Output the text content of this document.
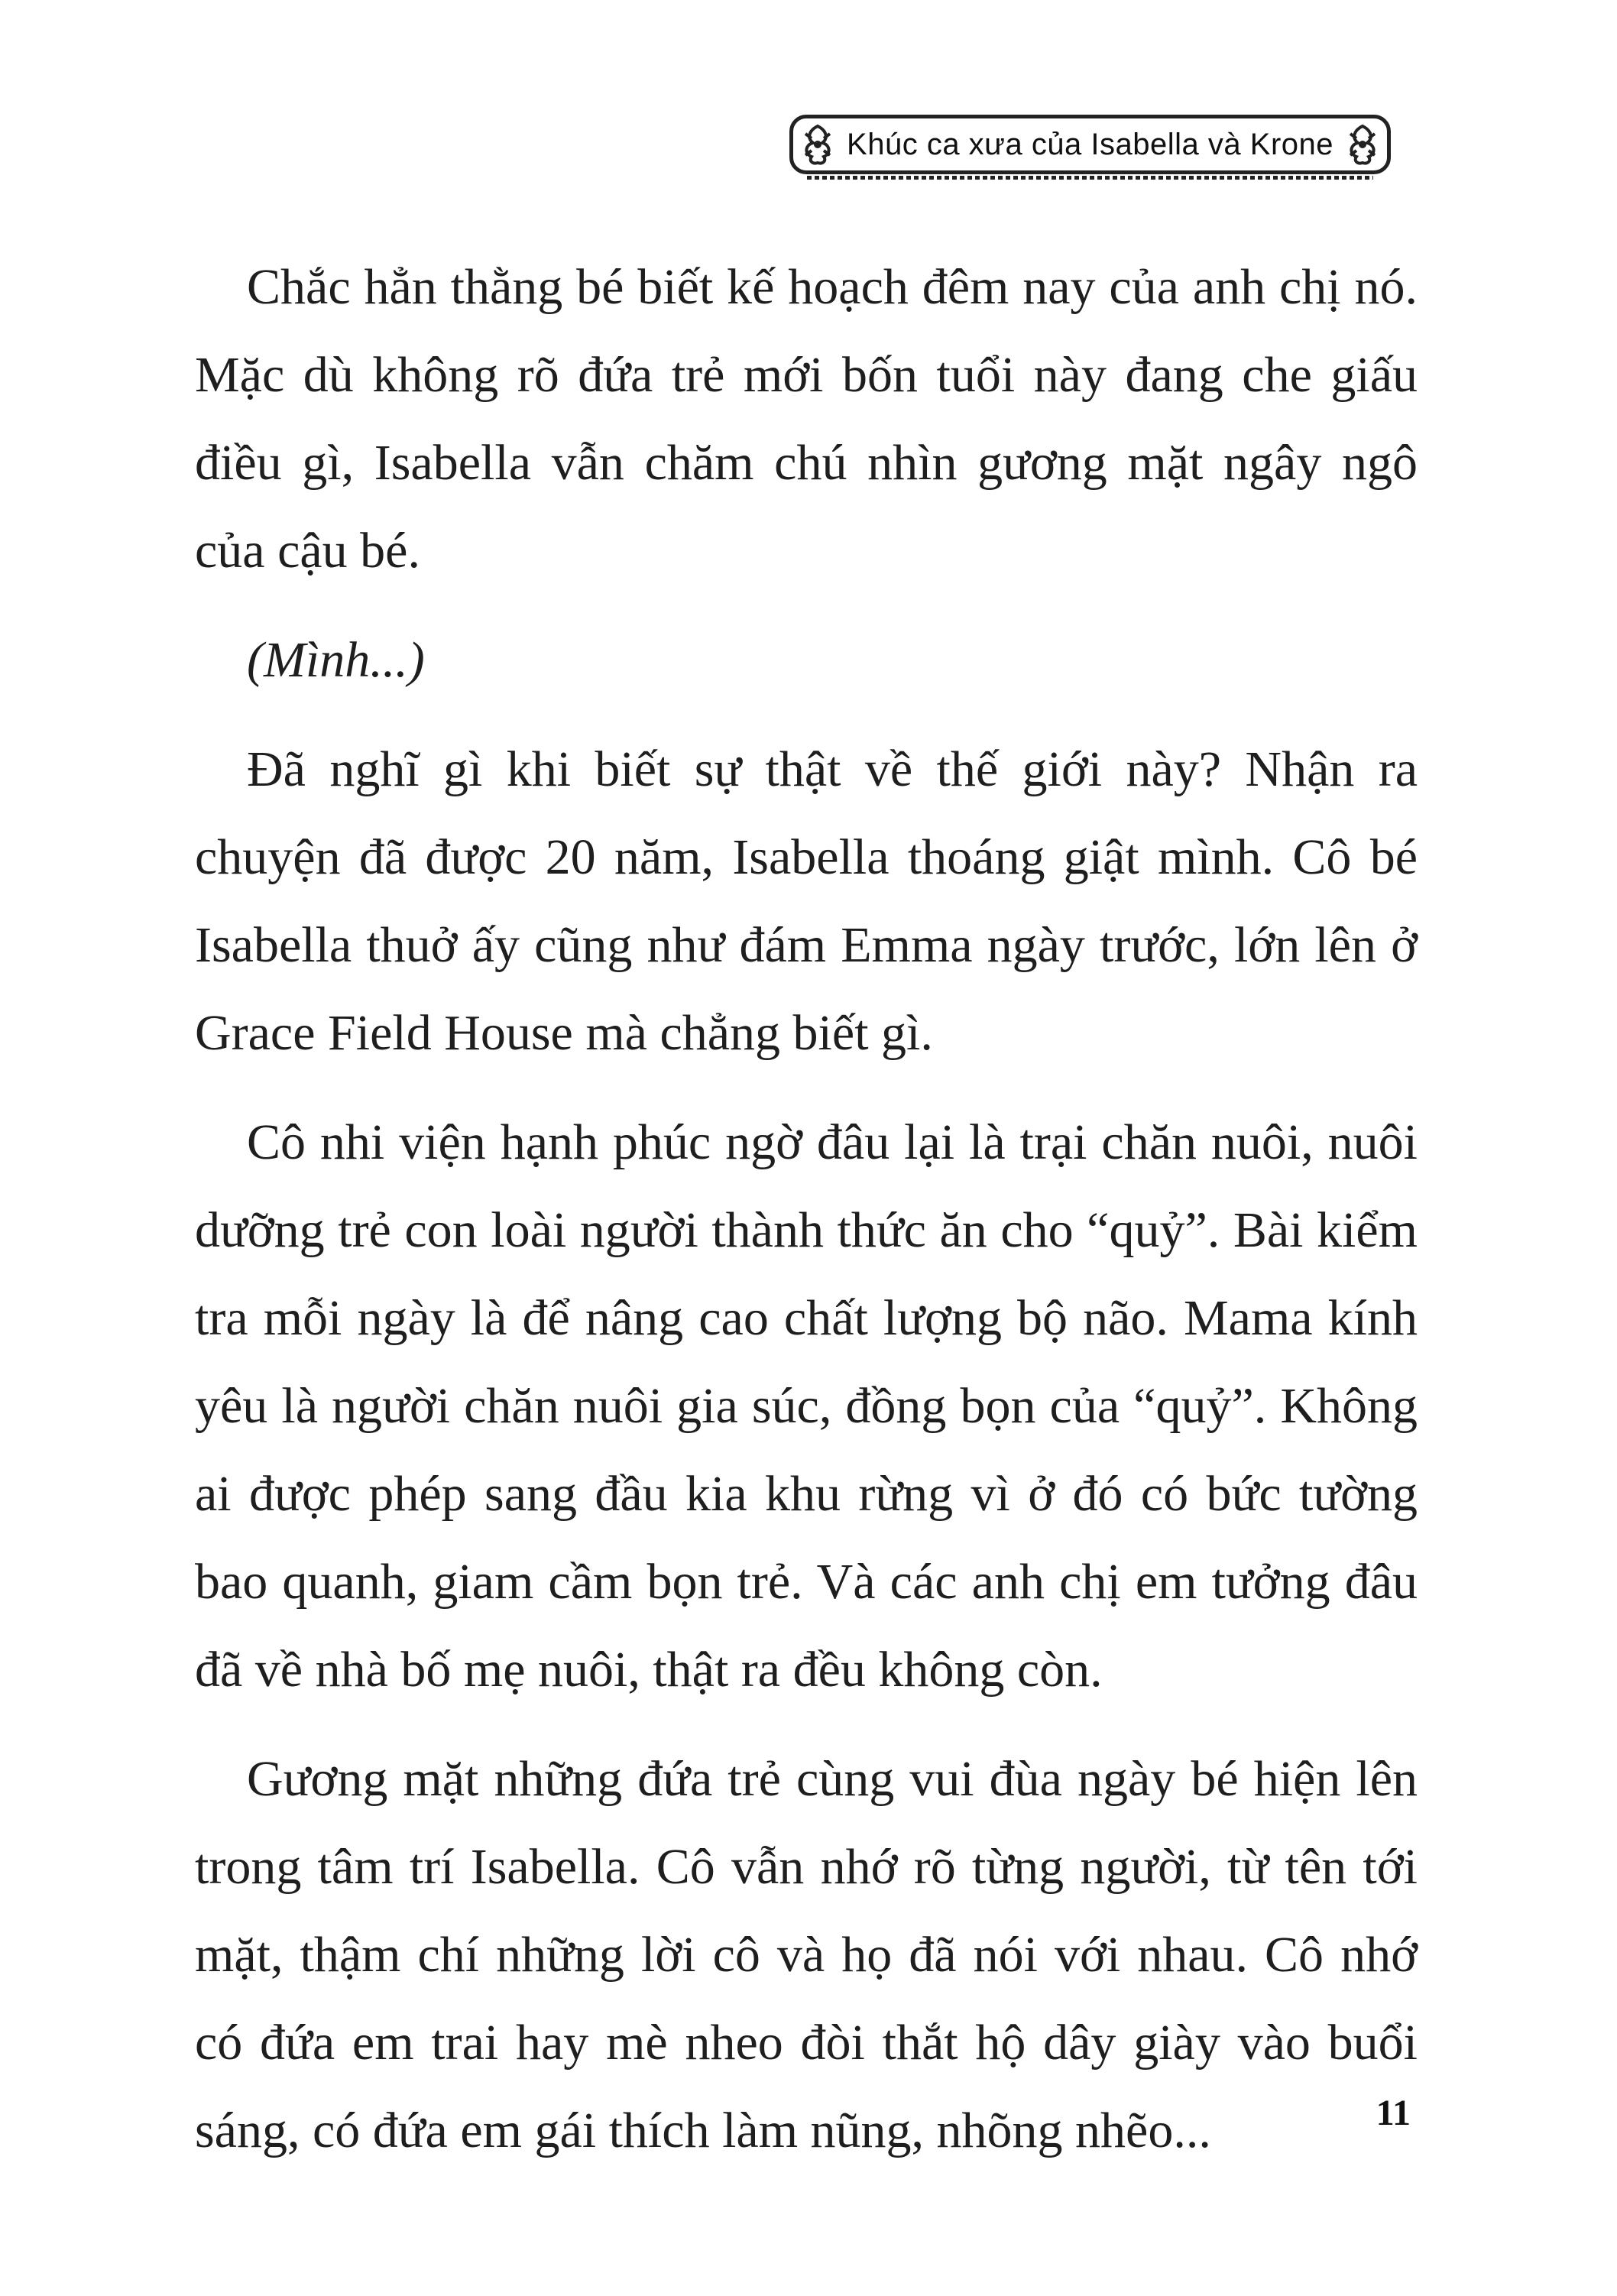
Khúc ca xưa của Isabella và Krone

Chắc hẳn thằng bé biết kế hoạch đêm nay của anh chị nó. Mặc dù không rõ đứa trẻ mới bốn tuổi này đang che giấu điều gì, Isabella vẫn chăm chú nhìn gương mặt ngây ngô của cậu bé.

(Mình...)

Đã nghĩ gì khi biết sự thật về thế giới này? Nhận ra chuyện đã được 20 năm, Isabella thoáng giật mình. Cô bé Isabella thuở ấy cũng như đám Emma ngày trước, lớn lên ở Grace Field House mà chẳng biết gì.

Cô nhi viện hạnh phúc ngờ đâu lại là trại chăn nuôi, nuôi dưỡng trẻ con loài người thành thức ăn cho “quỷ”. Bài kiểm tra mỗi ngày là để nâng cao chất lượng bộ não. Mama kính yêu là người chăn nuôi gia súc, đồng bọn của “quỷ”. Không ai được phép sang đầu kia khu rừng vì ở đó có bức tường bao quanh, giam cầm bọn trẻ. Và các anh chị em tưởng đâu đã về nhà bố mẹ nuôi, thật ra đều không còn.

Gương mặt những đứa trẻ cùng vui đùa ngày bé hiện lên trong tâm trí Isabella. Cô vẫn nhớ rõ từng người, từ tên tới mặt, thậm chí những lời cô và họ đã nói với nhau. Cô nhớ có đứa em trai hay mè nheo đòi thắt hộ dây giày vào buổi sáng, có đứa em gái thích làm nũng, nhõng nhẽo...	11
